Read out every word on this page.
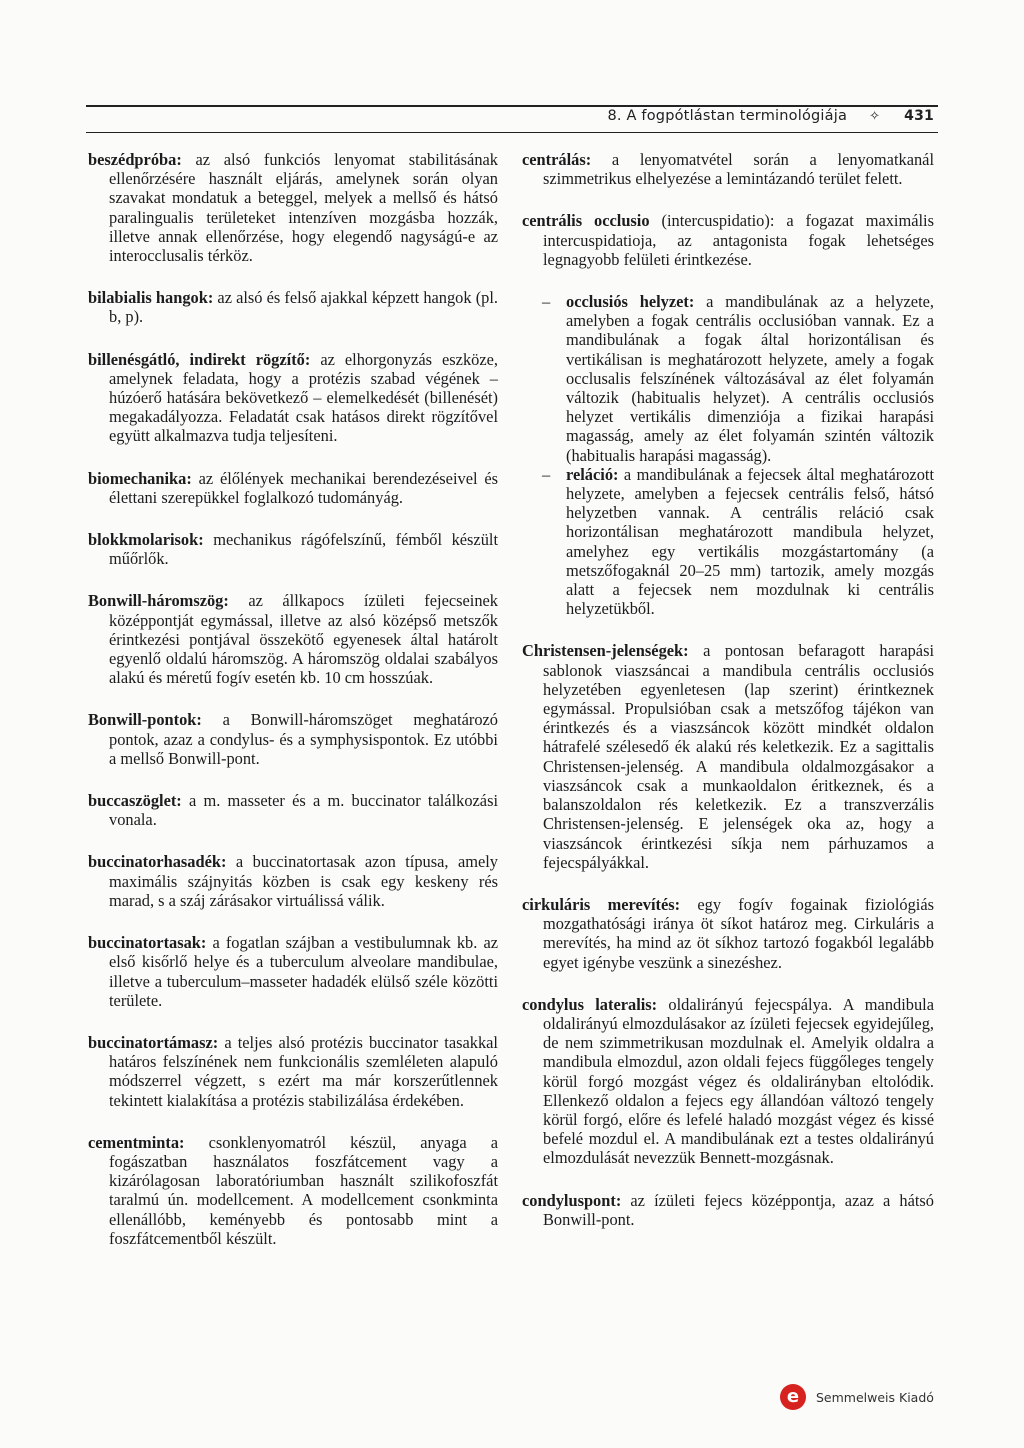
8. A fogpótlástan terminológiája ✧ 431

beszédpróba: az alsó funkciós lenyomat stabilitásának ellenőrzésére használt eljárás, amelynek során olyan szavakat mondatuk a beteggel, melyek a mellső és hátsó paralingualis területeket intenzíven mozgásba hozzák, illetve annak ellenőrzése, hogy elegendő nagyságú-e az interocclusalis térköz.

bilabialis hangok: az alsó és felső ajakkal képzett hangok (pl. b, p).

billenésgátló, indirekt rögzítő: az elhorgonyzás eszköze, amelynek feladata, hogy a protézis szabad végének – húzóerő hatására bekövetkező – elemelkedését (billenését) megakadályozza. Feladatát csak hatásos direkt rögzítővel együtt alkalmazva tudja teljesíteni.

biomechanika: az élőlények mechanikai berendezéseivel és élettani szerepükkel foglalkozó tudományág.

blokkmolarisok: mechanikus rágófelszínű, fémből készült műőrlők.

Bonwill-háromszög: az állkapocs ízületi fejecseinek középpontját egymással, illetve az alsó középső metszők érintkezési pontjával összekötő egyenesek által határolt egyenlő oldalú háromszög. A háromszög oldalai szabályos alakú és méretű fogív esetén kb. 10 cm hosszúak.

Bonwill-pontok: a Bonwill-háromszöget meghatározó pontok, azaz a condylus- és a symphysispontok. Ez utóbbi a mellső Bonwill-pont.

buccaszöglet: a m. masseter és a m. buccinator találkozási vonala.

buccinatorhasadék: a buccinatortasak azon típusa, amely maximális szájnyitás közben is csak egy keskeny rés marad, s a száj zárásakor virtuálissá válik.

buccinatortasak: a fogatlan szájban a vestibulumnak kb. az első kisőrlő helye és a tuberculum alveolare mandibulae, illetve a tuberculum–masseter hadadék elülső széle közötti területe.

buccinatortámasz: a teljes alsó protézis buccinator tasakkal határos felszínének nem funkcionális szemléleten alapuló módszerrel végzett, s ezért ma már korszerűtlennek tekintett kialakítása a protézis stabilizálása érdekében.

cementminta: csonklenyomatról készül, anyaga a fogászatban használatos foszfátcement vagy a kizárólagosan laboratóriumban használt szilikofoszfát taralmú ún. modellcement. A modellcement csonkminta ellenállóbb, keményebb és pontosabb mint a foszfátcementből készült.

centrálás: a lenyomatvétel során a lenyomatkanál szimmetrikus elhelyezése a lemintázandó terület felett.

centrális occlusio (intercuspidatio): a fogazat maximális intercuspidatioja, az antagonista fogak lehetséges legnagyobb felületi érintkezése.

– occlusiós helyzet: a mandibulának az a helyzete, amelyben a fogak centrális occlusióban vannak. Ez a mandibulának a fogak által horizontálisan és vertikálisan is meghatározott helyzete, amely a fogak occlusalis felszínének változásával az élet folyamán változik (habitualis helyzet). A centrális occlusiós helyzet vertikális dimenziója a fizikai harapási magasság, amely az élet folyamán szintén változik (habitualis harapási magasság).

– reláció: a mandibulának a fejecsek által meghatározott helyzete, amelyben a fejecsek centrális felső, hátsó helyzetben vannak. A centrális reláció csak horizontálisan meghatározott mandibula helyzet, amelyhez egy vertikális mozgástartomány (a metszőfogaknál 20–25 mm) tartozik, amely mozgás alatt a fejecsek nem mozdulnak ki centrális helyzetükből.

Christensen-jelenségek: a pontosan befaragott harapási sablonok viaszsáncai a mandibula centrális occlusiós helyzetében egyenletesen (lap szerint) érintkeznek egymással. Propulsióban csak a metszőfog tájékon van érintkezés és a viaszsáncok között mindkét oldalon hátrafelé szélesedő ék alakú rés keletkezik. Ez a sagittalis Christensen-jelenség. A mandibula oldalmozgásakor a viaszsáncok csak a munkaoldalon éritkeznek, és a balanszoldalon rés keletkezik. Ez a transzverzális Christensen-jelenség. E jelenségek oka az, hogy a viaszsáncok érintkezési síkja nem párhuzamos a fejecspályákkal.

cirkuláris merevítés: egy fogív fogainak fiziológiás mozgathatósági iránya öt síkot határoz meg. Cirkuláris a merevítés, ha mind az öt síkhoz tartozó fogakból legalább egyet igénybe veszünk a sinezéshez.

condylus lateralis: oldalirányú fejecspálya. A mandibula oldalirányú elmozdulásakor az ízületi fejecsek egyidejűleg, de nem szimmetrikusan mozdulnak el. Amelyik oldalra a mandibula elmozdul, azon oldali fejecs függőleges tengely körül forgó mozgást végez és oldalirányban eltolódik. Ellenkező oldalon a fejecs egy állandóan változó tengely körül forgó, előre és lefelé haladó mozgást végez és kissé befelé mozdul el. A mandibulának ezt a testes oldalirányú elmozdulását nevezzük Bennett-mozgásnak.

condyluspont: az ízületi fejecs középpontja, azaz a hátsó Bonwill-pont.

e	Semmelweis Kiadó
